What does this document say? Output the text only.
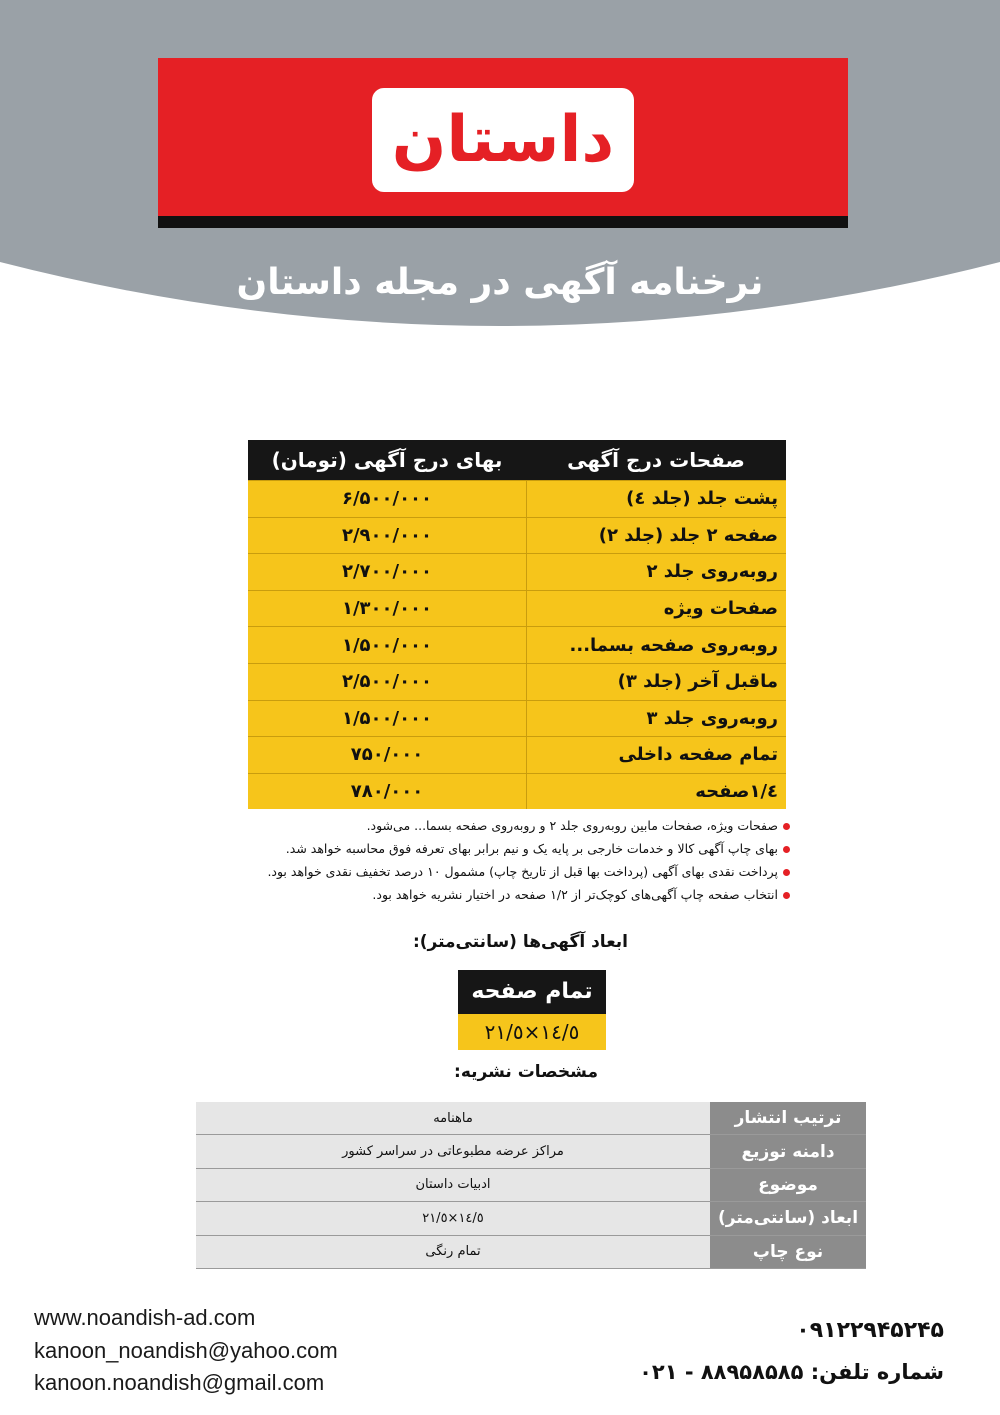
داستان
نرخنامه آگهی در مجله داستان
صفحات درج آگهی
بهای درج آگهی (تومان)
پشت جلد (جلد ٤)
۶/۵۰۰/۰۰۰
صفحه ۲ جلد (جلد ۲)
۲/۹۰۰/۰۰۰
روبه‌روی جلد ۲
۲/۷۰۰/۰۰۰
صفحات ویژه
۱/۳۰۰/۰۰۰
روبه‌روی صفحه بسما...
۱/۵۰۰/۰۰۰
ماقبل آخر (جلد ۳)
۲/۵۰۰/۰۰۰
روبه‌روی جلد ۳
۱/۵۰۰/۰۰۰
تمام صفحه داخلی
۷۵۰/۰۰۰
١/٤صفحه
۷۸۰/۰۰۰
صفحات ویژه، صفحات مابین روبه‌روی جلد ۲ و روبه‌روی صفحه بسما... می‌شود.
بهای چاپ آگهی کالا و خدمات خارجی بر پایه یک و نیم برابر بهای تعرفه فوق محاسبه خواهد شد.
پرداخت نقدی بهای آگهی (پرداخت بها قبل از تاریخ چاپ) مشمول ۱۰ درصد تخفیف نقدی خواهد بود.
انتخاب صفحه چاپ آگهی‌های کوچک‌تر از ۱/۲ صفحه در اختیار نشریه خواهد بود.
ابعاد آگهی‌ها (سانتی‌متر):
تمام صفحه
١٤/٥×٢١/٥
مشخصات نشریه:
ترتیب انتشار
ماهنامه
دامنه توزیع
مراکز عرضه مطبوعاتی در سراسر کشور
موضوع
ادبیات داستان
ابعاد (سانتی‌متر)
١٤/٥×٢١/٥
نوع چاپ
تمام رنگی
www.noandish-ad.com
kanoon_noandish@yahoo.com
kanoon.noandish@gmail.com
۰۹۱۲۲۹۴۵۲۴۵
شماره تلفن: ۸۸۹۵۸۵۸۵ - ۰۲۱
